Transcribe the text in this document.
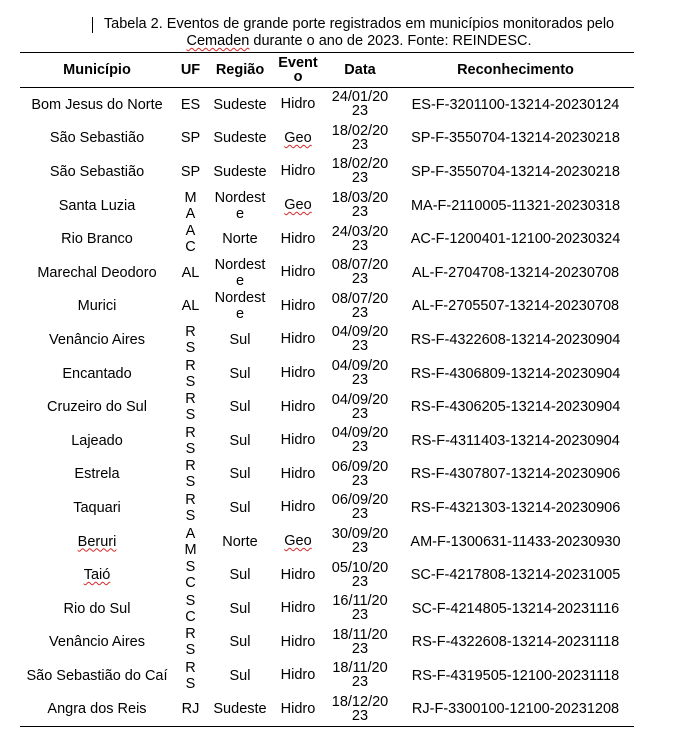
Tabela 2. Eventos de grande porte registrados em municípios monitorados pelo
Cemaden durante o ano de 2023. Fonte: REINDESC.
Município	UF	Região	Evento	Data	Reconhecimento
Bom Jesus do Norte	ES	Sudeste	Hidro	24/01/2023	ES-F-3201100-13214-20230124
São Sebastião	SP	Sudeste	Geo	18/02/2023	SP-F-3550704-13214-20230218
São Sebastião	SP	Sudeste	Hidro	18/02/2023	SP-F-3550704-13214-20230218
Santa Luzia	MA	Nordeste	Geo	18/03/2023	MA-F-2110005-11321-20230318
Rio Branco	AC	Norte	Hidro	24/03/2023	AC-F-1200401-12100-20230324
Marechal Deodoro	AL	Nordeste	Hidro	08/07/2023	AL-F-2704708-13214-20230708
Murici	AL	Nordeste	Hidro	08/07/2023	AL-F-2705507-13214-20230708
Venâncio Aires	RS	Sul	Hidro	04/09/2023	RS-F-4322608-13214-20230904
Encantado	RS	Sul	Hidro	04/09/2023	RS-F-4306809-13214-20230904
Cruzeiro do Sul	RS	Sul	Hidro	04/09/2023	RS-F-4306205-13214-20230904
Lajeado	RS	Sul	Hidro	04/09/2023	RS-F-4311403-13214-20230904
Estrela	RS	Sul	Hidro	06/09/2023	RS-F-4307807-13214-20230906
Taquari	RS	Sul	Hidro	06/09/2023	RS-F-4321303-13214-20230906
Beruri	AM	Norte	Geo	30/09/2023	AM-F-1300631-11433-20230930
Taió	SC	Sul	Hidro	05/10/2023	SC-F-4217808-13214-20231005
Rio do Sul	SC	Sul	Hidro	16/11/2023	SC-F-4214805-13214-20231116
Venâncio Aires	RS	Sul	Hidro	18/11/2023	RS-F-4322608-13214-20231118
São Sebastião do Caí	RS	Sul	Hidro	18/11/2023	RS-F-4319505-12100-20231118
Angra dos Reis	RJ	Sudeste	Hidro	18/12/2023	RJ-F-3300100-12100-20231208
